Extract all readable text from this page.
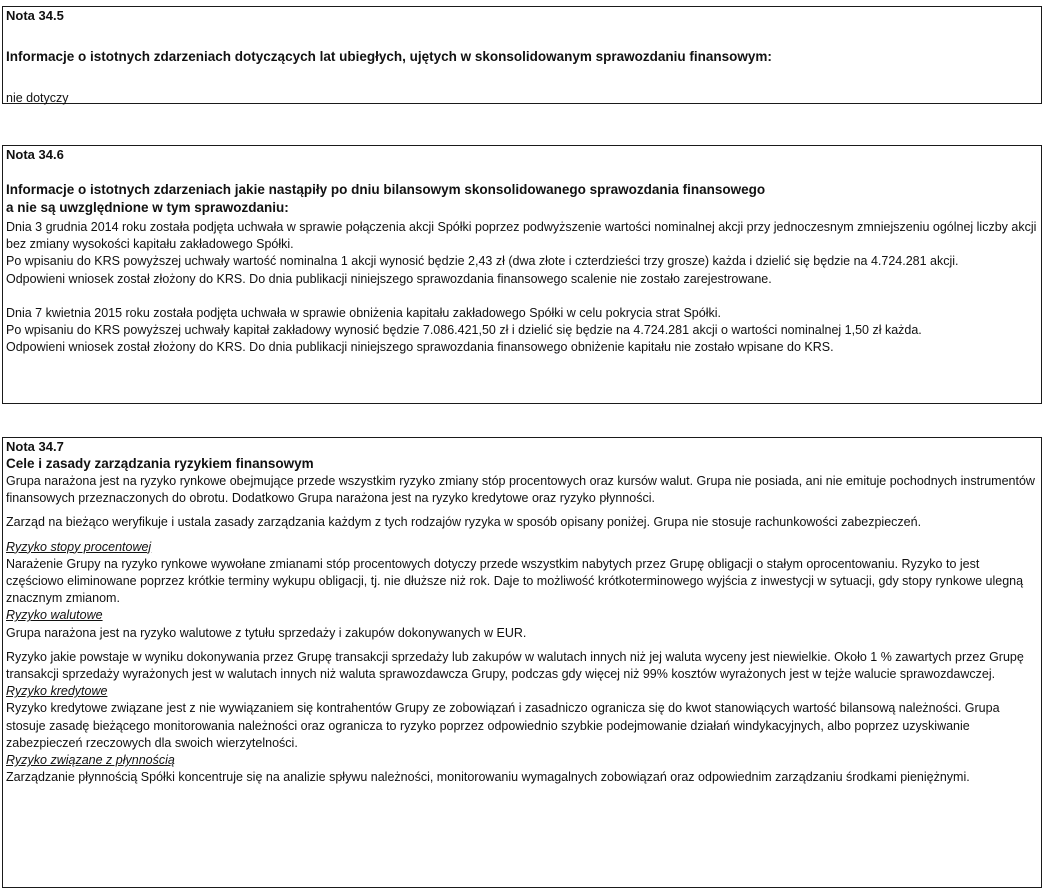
Nota 34.5
Informacje o istotnych zdarzeniach dotyczących lat ubiegłych, ujętych w skonsolidowanym sprawozdaniu finansowym:

nie dotyczy

Nota 34.6
Informacje o istotnych zdarzeniach jakie nastąpiły po dniu bilansowym skonsolidowanego sprawozdania finansowego
a nie są uwzględnione w tym sprawozdaniu:

Dnia 3 grudnia 2014 roku została podjęta uchwała w sprawie połączenia akcji Spółki poprzez podwyższenie wartości nominalnej akcji przy jednoczesnym zmniejszeniu ogólnej liczby akcji bez zmiany wysokości kapitału zakładowego Spółki.

Po wpisaniu do KRS powyższej uchwały wartość nominalna 1 akcji wynosić będzie 2,43 zł (dwa złote i czterdzieści trzy grosze) każda i dzielić się będzie na 4.724.281 akcji.

Odpowieni wniosek został złożony do KRS. Do dnia publikacji niniejszego sprawozdania finansowego scalenie nie zostało zarejestrowane.

Dnia 7 kwietnia 2015 roku została podjęta uchwała w sprawie obniżenia kapitału zakładowego Spółki w celu pokrycia strat Spółki.

Po wpisaniu do KRS powyższej uchwały kapitał zakładowy wynosić będzie 7.086.421,50 zł i dzielić się będzie na 4.724.281 akcji o wartości nominalnej 1,50 zł każda.

Odpowieni wniosek został złożony do KRS. Do dnia publikacji niniejszego sprawozdania finansowego obniżenie kapitału nie zostało wpisane do KRS.

Nota 34.7
Cele i zasady zarządzania ryzykiem finansowym

Grupa narażona jest na ryzyko rynkowe obejmujące przede wszystkim ryzyko zmiany stóp procentowych oraz kursów walut. Grupa nie posiada, ani nie emituje pochodnych instrumentów finansowych przeznaczonych do obrotu. Dodatkowo Grupa narażona jest na ryzyko kredytowe oraz ryzyko płynności.

Zarząd na bieżąco weryfikuje i ustala zasady zarządzania każdym z tych rodzajów ryzyka w sposób opisany poniżej. Grupa nie stosuje rachunkowości zabezpieczeń.

Ryzyko stopy procentowej

Narażenie Grupy na ryzyko rynkowe wywołane zmianami stóp procentowych dotyczy przede wszystkim nabytych przez Grupę obligacji o stałym oprocentowaniu. Ryzyko to jest częściowo eliminowane poprzez krótkie terminy wykupu obligacji, tj. nie dłuższe niż rok. Daje to możliwość krótkoterminowego wyjścia z inwestycji w sytuacji, gdy stopy rynkowe ulegną znacznym zmianom.

Ryzyko walutowe

Grupa narażona jest na ryzyko walutowe z tytułu sprzedaży i zakupów dokonywanych w EUR.

Ryzyko jakie powstaje w wyniku dokonywania przez Grupę transakcji sprzedaży lub zakupów w walutach innych niż jej waluta wyceny jest niewielkie. Około 1 % zawartych przez Grupę transakcji sprzedaży wyrażonych jest w walutach innych niż waluta sprawozdawcza Grupy, podczas gdy więcej niż 99% kosztów wyrażonych jest w tejże walucie sprawozdawczej.

Ryzyko kredytowe

Ryzyko kredytowe związane jest z nie wywiązaniem się kontrahentów Grupy ze zobowiązań i zasadniczo ogranicza się do kwot stanowiących wartość bilansową należności. Grupa stosuje zasadę bieżącego monitorowania należności oraz ogranicza to ryzyko poprzez odpowiednio szybkie podejmowanie działań windykacyjnych, albo poprzez uzyskiwanie zabezpieczeń rzeczowych dla swoich wierzytelności.

Ryzyko związane z płynnością

Zarządzanie płynnością Spółki koncentruje się na analizie spływu należności, monitorowaniu wymagalnych zobowiązań oraz odpowiednim zarządzaniu środkami pieniężnymi.
